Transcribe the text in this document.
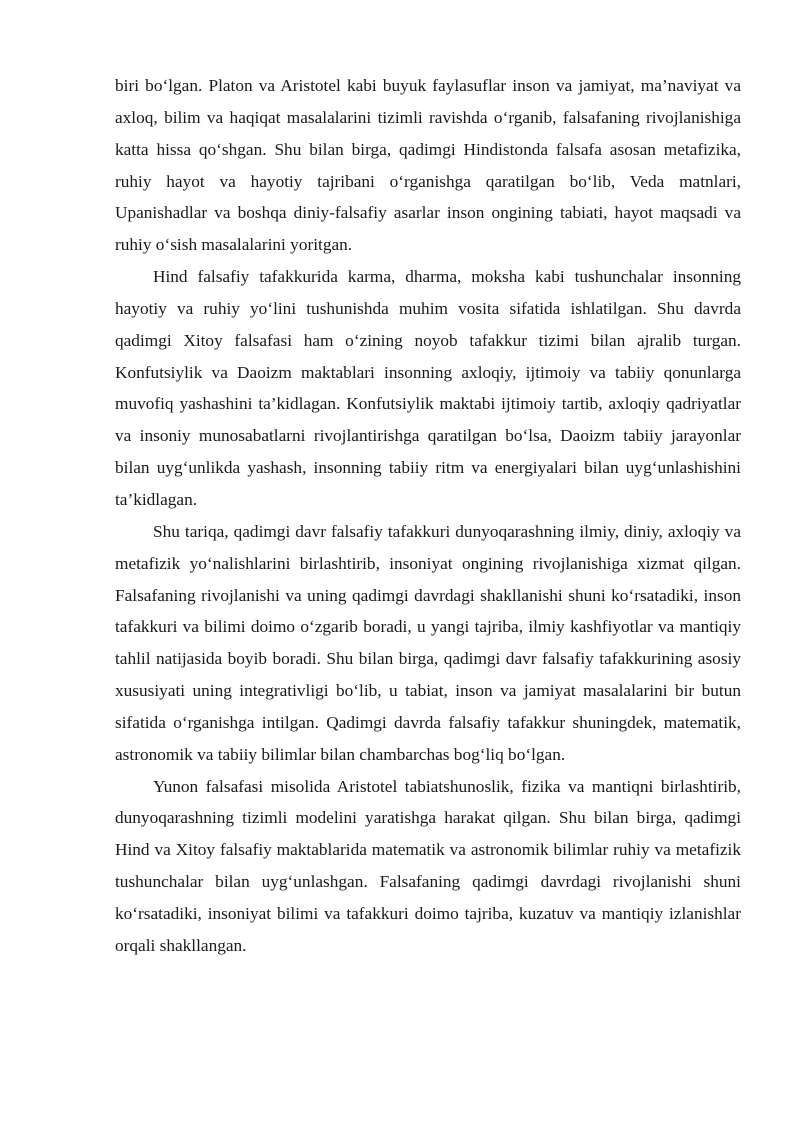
biri bo‘lgan. Platon va Aristotel kabi buyuk faylasuflar inson va jamiyat, ma’naviyat va axloq, bilim va haqiqat masalalarini tizimli ravishda o‘rganib, falsafaning rivojlanishiga katta hissa qo‘shgan. Shu bilan birga, qadimgi Hindistonda falsafa asosan metafizika, ruhiy hayot va hayotiy tajribani o‘rganishga qaratilgan bo‘lib, Veda matnlari, Upanishadlar va boshqa diniy-falsafiy asarlar inson ongining tabiati, hayot maqsadi va ruhiy o‘sish masalalarini yoritgan.

Hind falsafiy tafakkurida karma, dharma, moksha kabi tushunchalar insonning hayotiy va ruhiy yo‘lini tushunishda muhim vosita sifatida ishlatilgan. Shu davrda qadimgi Xitoy falsafasi ham o‘zining noyob tafakkur tizimi bilan ajralib turgan. Konfutsiylik va Daoizm maktablari insonning axloqiy, ijtimoiy va tabiiy qonunlarga muvofiq yashashini ta’kidlagan. Konfutsiylik maktabi ijtimoiy tartib, axloqiy qadriyatlar va insoniy munosabatlarni rivojlantirishga qaratilgan bo‘lsa, Daoizm tabiiy jarayonlar bilan uyg‘unlikda yashash, insonning tabiiy ritm va energiyalari bilan uyg‘unlashishini ta’kidlagan.

Shu tariqa, qadimgi davr falsafiy tafakkuri dunyoqarashning ilmiy, diniy, axloqiy va metafizik yo‘nalishlarini birlashtirib, insoniyat ongining rivojlanishiga xizmat qilgan. Falsafaning rivojlanishi va uning qadimgi davrdagi shakllanishi shuni ko‘rsatadiki, inson tafakkuri va bilimi doimo o‘zgarib boradi, u yangi tajriba, ilmiy kashfiyotlar va mantiqiy tahlil natijasida boyib boradi. Shu bilan birga, qadimgi davr falsafiy tafakkurining asosiy xususiyati uning integrativligi bo‘lib, u tabiat, inson va jamiyat masalalarini bir butun sifatida o‘rganishga intilgan. Qadimgi davrda falsafiy tafakkur shuningdek, matematik, astronomik va tabiiy bilimlar bilan chambarchas bog‘liq bo‘lgan.

Yunon falsafasi misolida Aristotel tabiatshunoslik, fizika va mantiqni birlashtirib, dunyoqarashning tizimli modelini yaratishga harakat qilgan. Shu bilan birga, qadimgi Hind va Xitoy falsafiy maktablarida matematik va astronomik bilimlar ruhiy va metafizik tushunchalar bilan uyg‘unlashgan. Falsafaning qadimgi davrdagi rivojlanishi shuni ko‘rsatadiki, insoniyat bilimi va tafakkuri doimo tajriba, kuzatuv va mantiqiy izlanishlar orqali shakllangan.
